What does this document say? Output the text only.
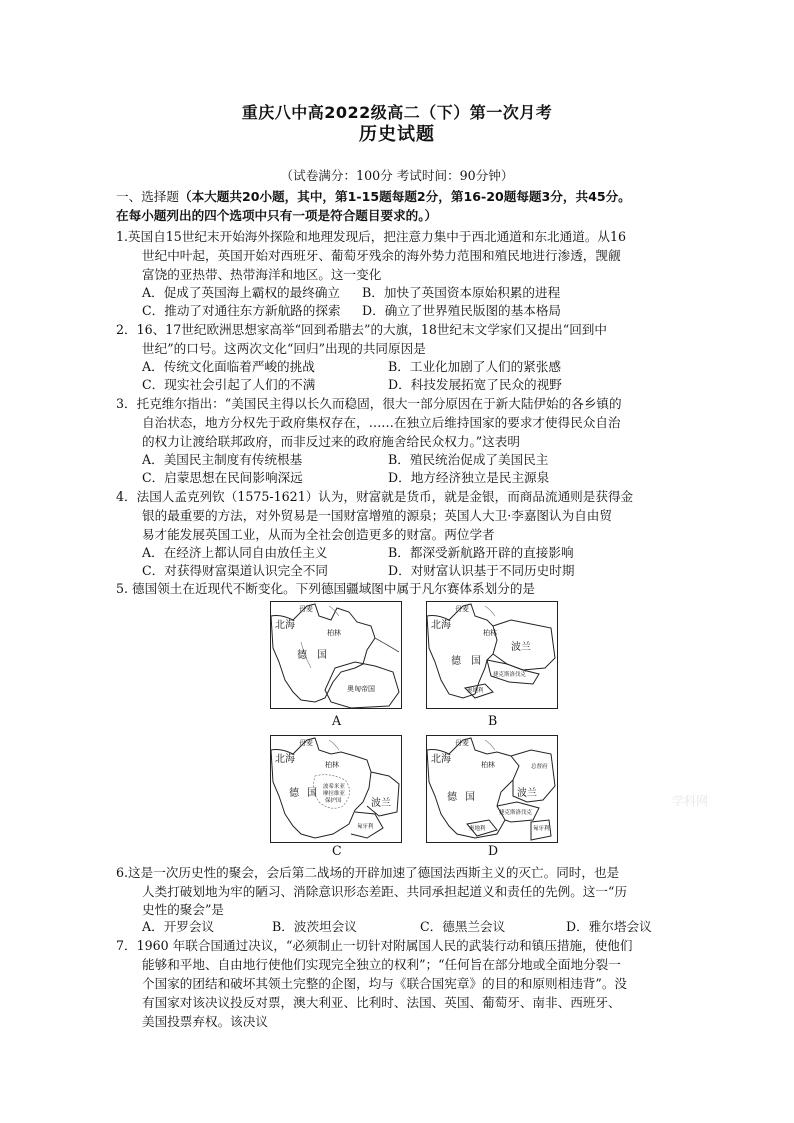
重庆八中高2022级高二（下）第一次月考
历史试题
（试卷满分：100分 考试时间：90分钟）
一、选择题（本大题共20小题，其中，第1-15题每题2分，第16-20题每题3分，共45分。
在每小题列出的四个选项中只有一项是符合题目要求的。）
1.英国自15世纪末开始海外探险和地理发现后，把注意力集中于西北通道和东北通道。从16
世纪中叶起，英国开始对西班牙、葡萄牙残余的海外势力范围和殖民地进行渗透，觊觎
富饶的亚热带、热带海洋和地区。这一变化
A．促成了英国海上霸权的最终确立 B．加快了英国资本原始积累的进程
C．推动了对通往东方新航路的探索 D．确立了世界殖民版图的基本格局
2．16、17世纪欧洲思想家高举“回到希腊去”的大旗，18世纪末文学家们又提出“回到中
世纪”的口号。这两次文化“回归”出现的共同原因是
A．传统文化面临着严峻的挑战	B．工业化加剧了人们的紧张感
C．现实社会引起了人们的不满	D．科技发展拓宽了民众的视野
3．托克维尔指出：“美国民主得以长久而稳固，很大一部分原因在于新大陆伊始的各乡镇的
自治状态，地方分权先于政府集权存在，……在独立后维持国家的要求才使得民众自治
的权力让渡给联邦政府，而非反过来的政府施舍给民众权力。”这表明
A．美国民主制度有传统根基	B．殖民统治促成了美国民主
C．启蒙思想在民间影响深远	D．地方经济独立是民主源泉
4．法国人孟克列钦（1575-1621）认为，财富就是货币，就是金银，而商品流通则是获得金
银的最重要的方法，对外贸易是一国财富增殖的源泉；英国人大卫·李嘉图认为自由贸
易才能发展英国工业，从而为全社会创造更多的财富。两位学者
A．在经济上都认同自由放任主义	B．都深受新航路开辟的直接影响
C．对获得财富渠道认识完全不同	D．对财富认识基于不同历史时期
5. 德国领土在近现代不断变化。下列德国疆域图中属于凡尔赛体系划分的是
丹麦
北海
柏林
德 国
奥匈帝国
丹麦
北海
柏林
德 国
波兰
捷克斯洛伐克
奥地利
丹麦
北海	柏林
德 国
波兰
匈牙利
波希米亚
摩拉维亚
保护国
丹麦
北海	柏林
德 国	波兰
匈牙利
捷克斯洛伐克
奥地利
总督府
A	B
C	D
学科网
6.这是一次历史性的聚会，会后第二战场的开辟加速了德国法西斯主义的灭亡。同时，也是
人类打破划地为牢的陋习、消除意识形态差距、共同承担起道义和责任的先例。这一“历
史性的聚会”是
A．开罗会议	B．波茨坦会议	C．德黑兰会议	D．雅尔塔会议
7．1960 年联合国通过决议，“必须制止一切针对附属国人民的武装行动和镇压措施，使他们
能够和平地、自由地行使他们实现完全独立的权利”；“任何旨在部分地或全面地分裂一
个国家的团结和破坏其领土完整的企图，均与《联合国宪章》的目的和原则相违背”。没
有国家对该决议投反对票，澳大利亚、比利时、法国、英国、葡萄牙、南非、西班牙、
美国投票弃权。该决议
